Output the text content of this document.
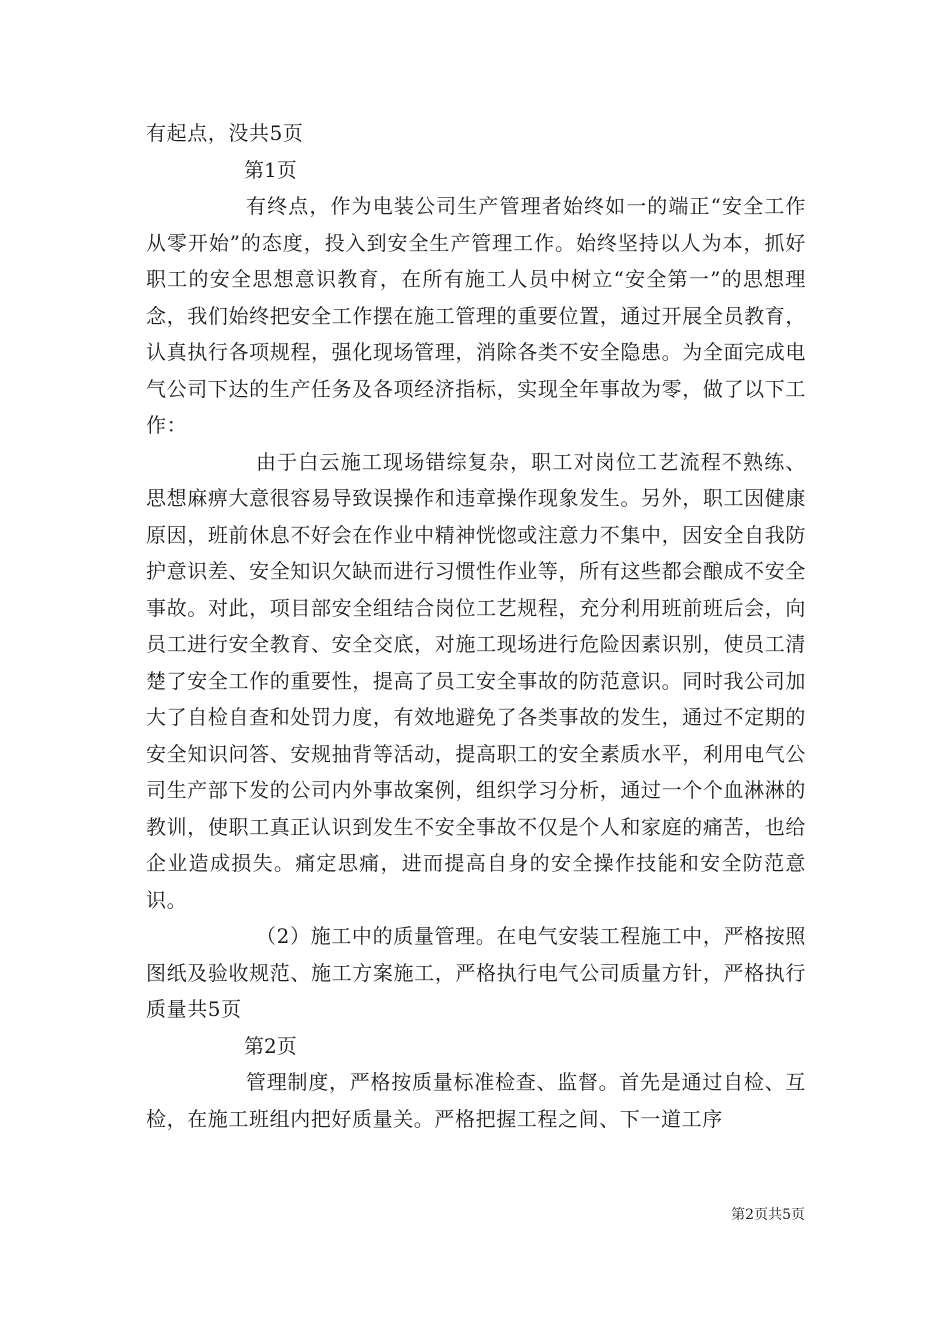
有起点，没共5页

第1页

有终点，作为电装公司生产管理者始终如一的端正“安全工作从零开始”的态度，投入到安全生产管理工作。始终坚持以人为本，抓好职工的安全思想意识教育，在所有施工人员中树立“安全第一”的思想理念，我们始终把安全工作摆在施工管理的重要位置，通过开展全员教育，认真执行各项规程，强化现场管理，消除各类不安全隐患。为全面完成电气公司下达的生产任务及各项经济指标，实现全年事故为零，做了以下工作：

由于白云施工现场错综复杂，职工对岗位工艺流程不熟练、思想麻痹大意很容易导致误操作和违章操作现象发生。另外，职工因健康原因，班前休息不好会在作业中精神恍惚或注意力不集中，因安全自我防护意识差、安全知识欠缺而进行习惯性作业等，所有这些都会酿成不安全事故。对此，项目部安全组结合岗位工艺规程，充分利用班前班后会，向员工进行安全教育、安全交底，对施工现场进行危险因素识别，使员工清楚了安全工作的重要性，提高了员工安全事故的防范意识。同时我公司加大了自检自查和处罚力度，有效地避免了各类事故的发生，通过不定期的安全知识问答、安规抽背等活动，提高职工的安全素质水平，利用电气公司生产部下发的公司内外事故案例，组织学习分析，通过一个个血淋淋的教训，使职工真正认识到发生不安全事故不仅是个人和家庭的痛苦，也给企业造成损失。痛定思痛，进而提高自身的安全操作技能和安全防范意识。

（2）施工中的质量管理。在电气安装工程施工中，严格按照图纸及验收规范、施工方案施工，严格执行电气公司质量方针，严格执行质量共5页

第2页

管理制度，严格按质量标准检查、监督。首先是通过自检、互检，在施工班组内把好质量关。严格把握工程之间、下一道工序

第2页共5页
